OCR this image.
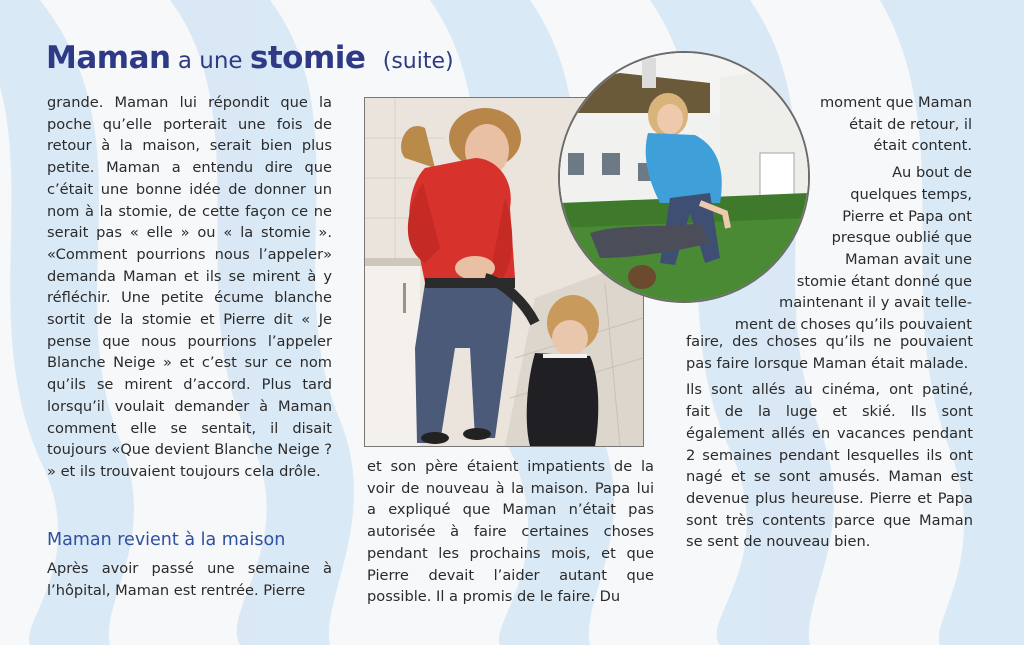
Maman a une stomie (suite)

grande. Maman lui répondit que la poche qu’elle porterait une fois de retour à la maison, serait bien plus petite. Maman a entendu dire que c’était une bonne idée de donner un nom à la stomie, de cette façon ce ne serait pas « elle » ou « la stomie ». «Comment pourrions nous l’appeler» demanda Maman et ils se mirent à y réfléchir. Une petite écume blanche sortit de la stomie et Pierre dit « Je pense que nous pourrions l’appeler Blanche Neige » et c’est sur ce nom qu’ils se mirent d’accord. Plus tard lorsqu’il voulait demander à Maman comment elle se sentait, il disait toujours «Que devient Blanche Neige ? » et ils trouvaient toujours cela drôle.

Maman revient à la maison

Après avoir passé une semaine à l’hôpital, Maman est rentrée. Pierre

et son père étaient impatients de la voir de nouveau à la maison. Papa lui a expliqué que Maman n’était pas autorisée à faire certaines choses pendant les prochains mois, et que Pierre devait l’aider autant que possible. Il a promis de le faire. Du

moment que Maman

était de retour, il

était content.

Au bout de

quelques temps,

Pierre et Papa ont

presque oublié que

Maman avait une

stomie étant donné que

maintenant il y avait telle-

ment de choses qu’ils pouvaient

faire, des choses qu’ils ne pouvaient pas faire lorsque Maman était malade.

Ils sont allés au cinéma, ont patiné, fait de la luge et skié. Ils sont également allés en vacances pendant 2 semaines pendant lesquelles ils ont nagé et se sont amusés. Maman est devenue plus heureuse. Pierre et Papa sont très contents parce que Maman se sent de nouveau bien.
